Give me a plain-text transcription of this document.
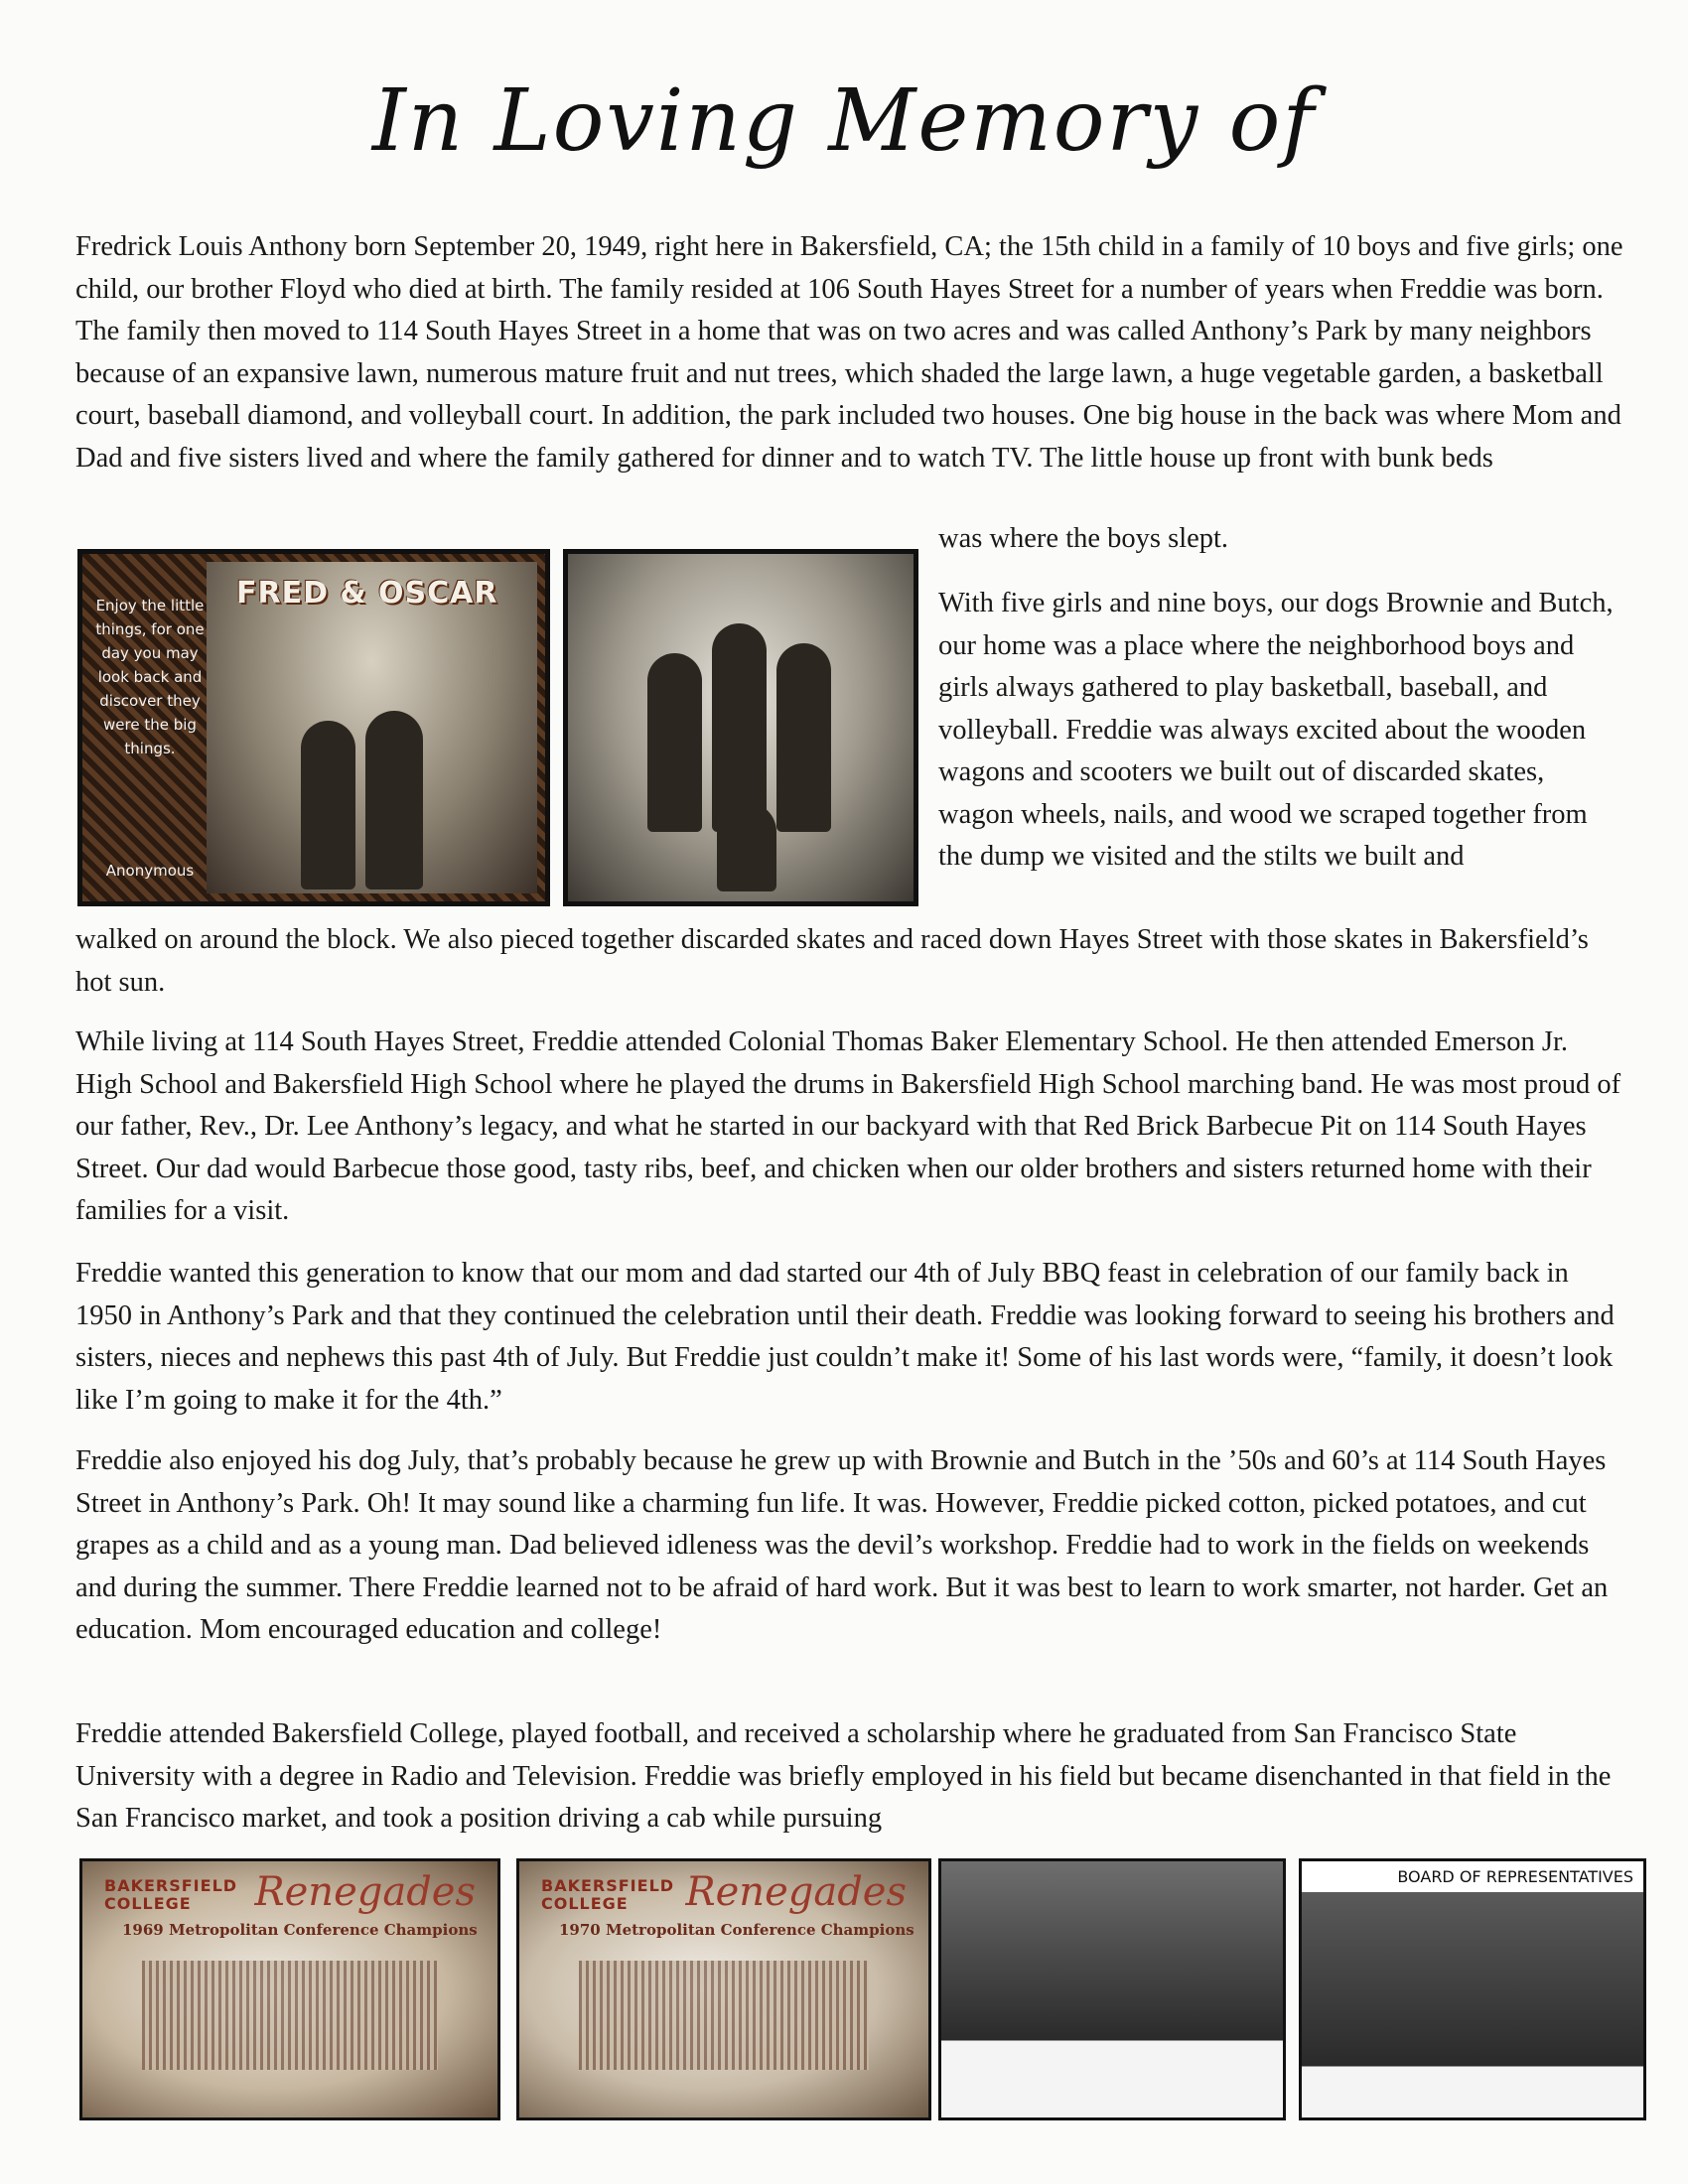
In Loving Memory of

Fredrick Louis Anthony born September 20, 1949, right here in Bakersfield, CA; the 15th child in a family of 10 boys and five girls; one child, our brother Floyd who died at birth. The family resided at 106 South Hayes Street for a number of years when Freddie was born. The family then moved to 114 South Hayes Street in a home that was on two acres and was called Anthony’s Park by many neighbors because of an expansive lawn, numerous mature fruit and nut trees, which shaded the large lawn, a huge vegetable garden, a basketball court, baseball diamond, and volleyball court. In addition, the park included two houses. One big house in the back was where Mom and Dad and five sisters lived and where the family gathered for dinner and to watch TV. The little house up front with bunk beds

was where the boys slept.

Enjoy the little things, for one day you may look back and discover they were the big things.
Anonymous
FRED & OSCAR	With five girls and nine boys, our dogs Brownie and Butch, our home was a place where the neighborhood boys and girls always gathered to play basketball, baseball, and volleyball. Freddie was always excited about the wooden wagons and scooters we built out of discarded skates, wagon wheels, nails, and wood we scraped together from the dump we visited and the stilts we built and

walked on around the block. We also pieced together discarded skates and raced down Hayes Street with those skates in Bakersfield’s hot sun.

While living at 114 South Hayes Street, Freddie attended Colonial Thomas Baker Elementary School. He then attended Emerson Jr. High School and Bakersfield High School where he played the drums in Bakersfield High School marching band. He was most proud of our father, Rev., Dr. Lee Anthony’s legacy, and what he started in our backyard with that Red Brick Barbecue Pit on 114 South Hayes Street. Our dad would Barbecue those good, tasty ribs, beef, and chicken when our older brothers and sisters returned home with their families for a visit.

Freddie wanted this generation to know that our mom and dad started our 4th of July BBQ feast in celebration of our family back in 1950 in Anthony’s Park and that they continued the celebration until their death. Freddie was looking forward to seeing his brothers and sisters, nieces and nephews this past 4th of July. But Freddie just couldn’t make it! Some of his last words were, “family, it doesn’t look like I’m going to make it for the 4th.”

Freddie also enjoyed his dog July, that’s probably because he grew up with Brownie and Butch in the ’50s and 60’s at 114 South Hayes Street in Anthony’s Park. Oh! It may sound like a charming fun life. It was. However, Freddie picked cotton, picked potatoes, and cut grapes as a child and as a young man. Dad believed idleness was the devil’s workshop. Freddie had to work in the fields on weekends and during the summer. There Freddie learned not to be afraid of hard work. But it was best to learn to work smarter, not harder. Get an education. Mom encouraged education and college!

Freddie attended Bakersfield College, played football, and received a scholarship where he graduated from San Francisco State University with a degree in Radio and Television. Freddie was briefly employed in his field but became disenchanted in that field in the San Francisco market, and took a position driving a cab while pursuing

BAKERSFIELD COLLEGE	Renegades
1969 Metropolitan Conference Champions
BAKERSFIELD COLLEGE	Renegades
1970 Metropolitan Conference Champions
BOARD OF REPRESENTATIVES
